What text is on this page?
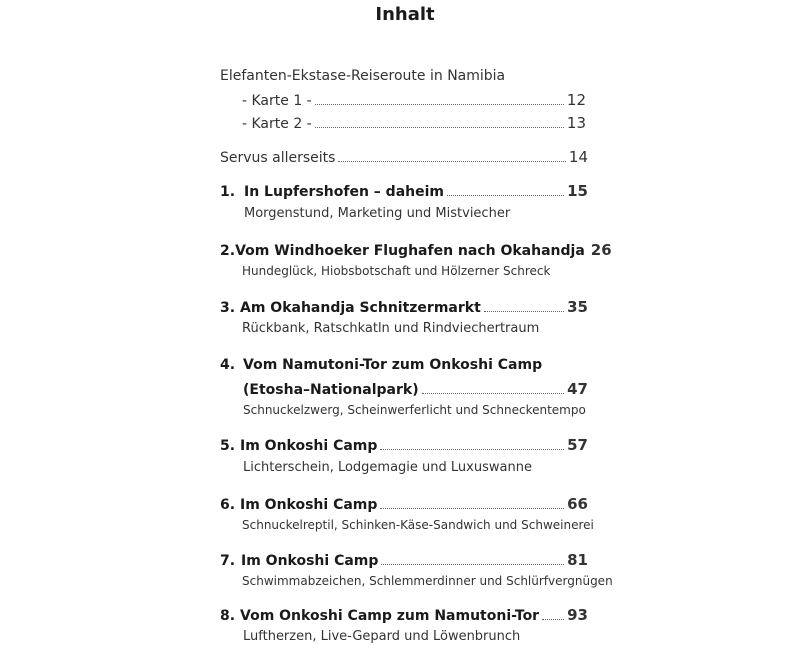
Inhalt
Elefanten-Ekstase-Reiseroute in Namibia
- Karte 1 -	12
- Karte 2 -	13
Servus allerseits	14
1. In Lupfershofen – daheim	15
Morgenstund, Marketing und Mistviecher
2. Vom Windhoeker Flughafen nach Okahandja 26
Hundeglück, Hiobsbotschaft und Hölzerner Schreck
3. Am Okahandja Schnitzermarkt	35
Rückbank, Ratschkatln und Rindviechertraum
4. Vom Namutoni-Tor zum Onkoshi Camp
(Etosha–Nationalpark)	47
Schnuckelzwerg, Scheinwerferlicht und Schneckentempo
5. Im Onkoshi Camp	57
Lichterschein, Lodgemagie und Luxuswanne
6. Im Onkoshi Camp	66
Schnuckelreptil, Schinken-Käse-Sandwich und Schweinerei
7. Im Onkoshi Camp	81
Schwimmabzeichen, Schlemmerdinner und Schlürfvergnügen
8. Vom Onkoshi Camp zum Namutoni-Tor 93
Luftherzen, Live-Gepard und Löwenbrunch
